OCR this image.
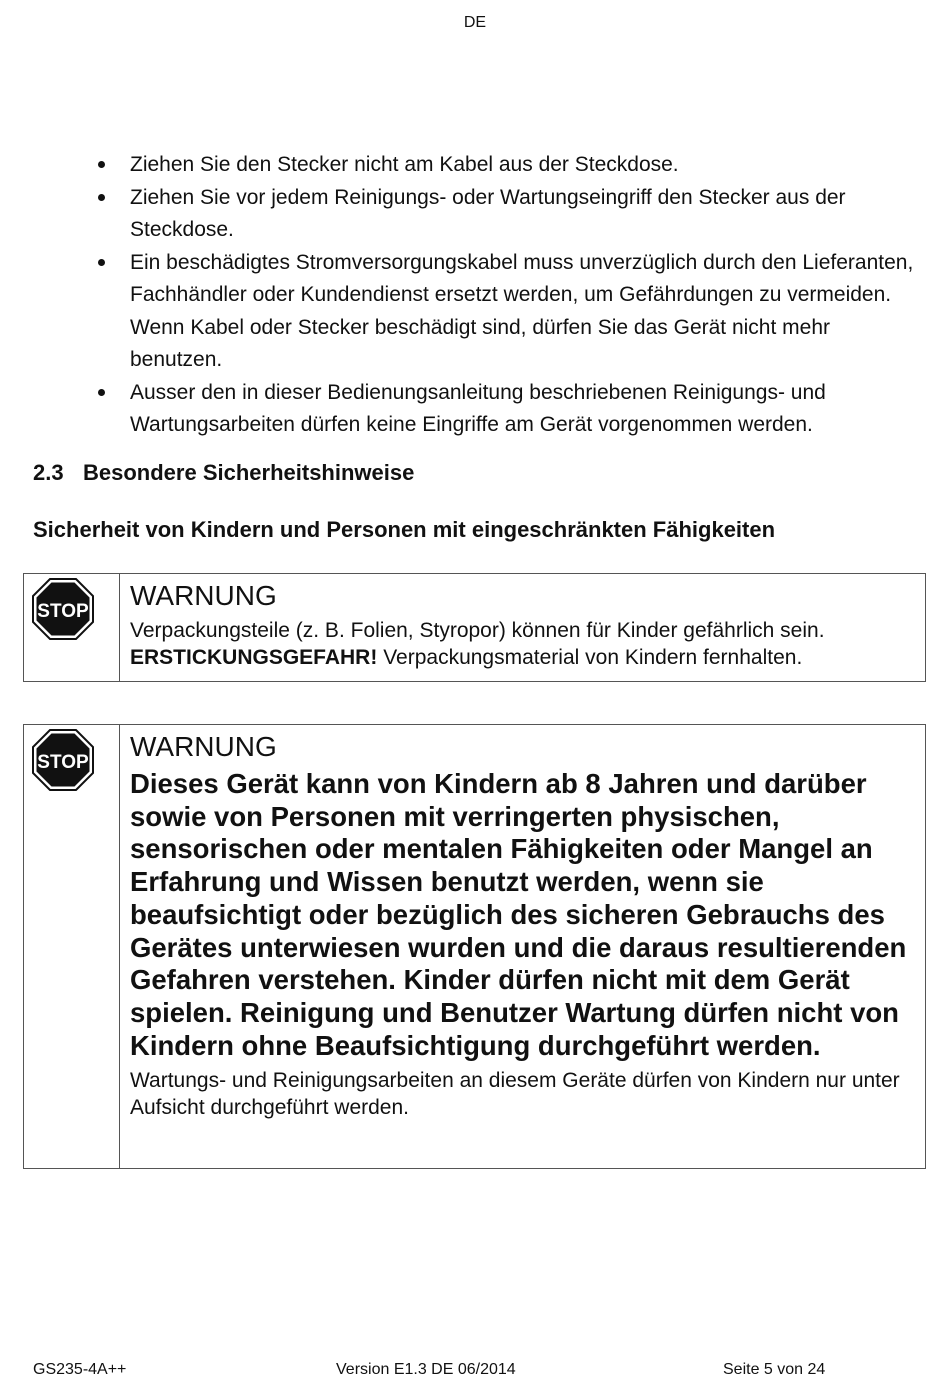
DE
Ziehen Sie den Stecker nicht am Kabel aus der Steckdose.
Ziehen Sie vor jedem Reinigungs- oder Wartungseingriff den Stecker aus der Steckdose.
Ein beschädigtes Stromversorgungskabel muss unverzüglich durch den Lieferanten, Fachhändler oder Kundendienst ersetzt werden, um Gefährdungen zu vermeiden. Wenn Kabel oder Stecker beschädigt sind, dürfen Sie das Gerät nicht mehr benutzen.
Ausser den in dieser Bedienungsanleitung beschriebenen Reinigungs- und Wartungsarbeiten dürfen keine Eingriffe am Gerät vorgenommen werden.
2.3 Besondere Sicherheitshinweise
Sicherheit von Kindern und Personen mit eingeschränkten Fähigkeiten
STOP
WARNUNG
Verpackungsteile (z. B. Folien, Styropor) können für Kinder gefährlich sein.
ERSTICKUNGSGEFAHR! Verpackungsmaterial von Kindern fernhalten.
STOP
WARNUNG
Dieses Gerät kann von Kindern ab 8 Jahren und darüber sowie von Personen mit verringerten physischen, sensorischen oder mentalen Fähigkeiten oder Mangel an Erfahrung und Wissen benutzt werden, wenn sie beaufsichtigt oder bezüglich des sicheren Gebrauchs des Gerätes unterwiesen wurden und die daraus resultierenden Gefahren verstehen. Kinder dürfen nicht mit dem Gerät spielen. Reinigung und Benutzer Wartung dürfen nicht von Kindern ohne Beaufsichtigung durchgeführt werden.
Wartungs- und Reinigungsarbeiten an diesem Geräte dürfen von Kindern nur unter Aufsicht durchgeführt werden.
GS235-4A++	Version E1.3 DE 06/2014	Seite 5 von 24
